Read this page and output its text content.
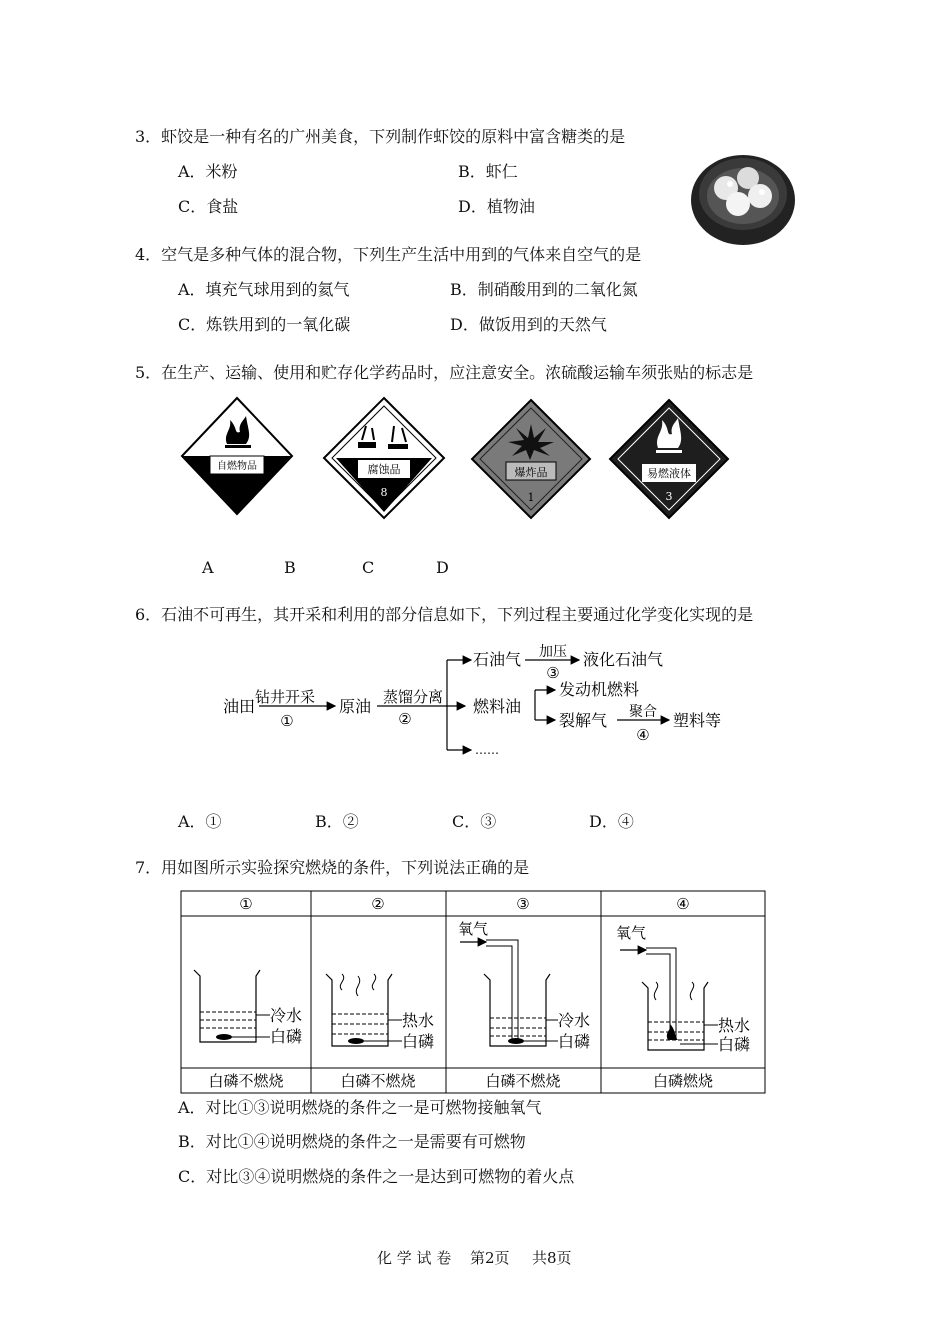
3．虾饺是一种有名的广州美食，下列制作虾饺的原料中富含糖类的是
A．米粉	B．虾仁
C．食盐	D．植物油
4．空气是多种气体的混合物，下列生产生活中用到的气体来自空气的是
A．填充气球用到的氦气	B．制硝酸用到的二氧化氮
C．炼铁用到的一氧化碳	D．做饭用到的天然气
5．在生产、运输、使用和贮存化学药品时，应注意安全。浓硫酸运输车须张贴的标志是
自燃物品	腐蚀品
8
爆炸品
1
易燃液体
3
A	B	C	D
6．石油不可再生，其开采和利用的部分信息如下，下列过程主要通过化学变化实现的是
油田 钻井开采
①
原油 蒸馏分离
②
石油气 加压
③
液化石油气
燃料油
发动机燃料
裂解气 聚合
④
塑料等
……
A．①	B．②	C．③	D．④
7．用如图所示实验探究燃烧的条件，下列说法正确的是
①	②	③	④
冷水
白磷
热水
白磷
氧气
冷水
白磷
氧气
热水
白磷
白磷不燃烧	白磷不燃烧	白磷不燃烧	白磷燃烧
A．对比①③说明燃烧的条件之一是可燃物接触氧气
B．对比①④说明燃烧的条件之一是需要有可燃物
C．对比③④说明燃烧的条件之一是达到可燃物的着火点
化 学 试 卷 第2页 共8页
